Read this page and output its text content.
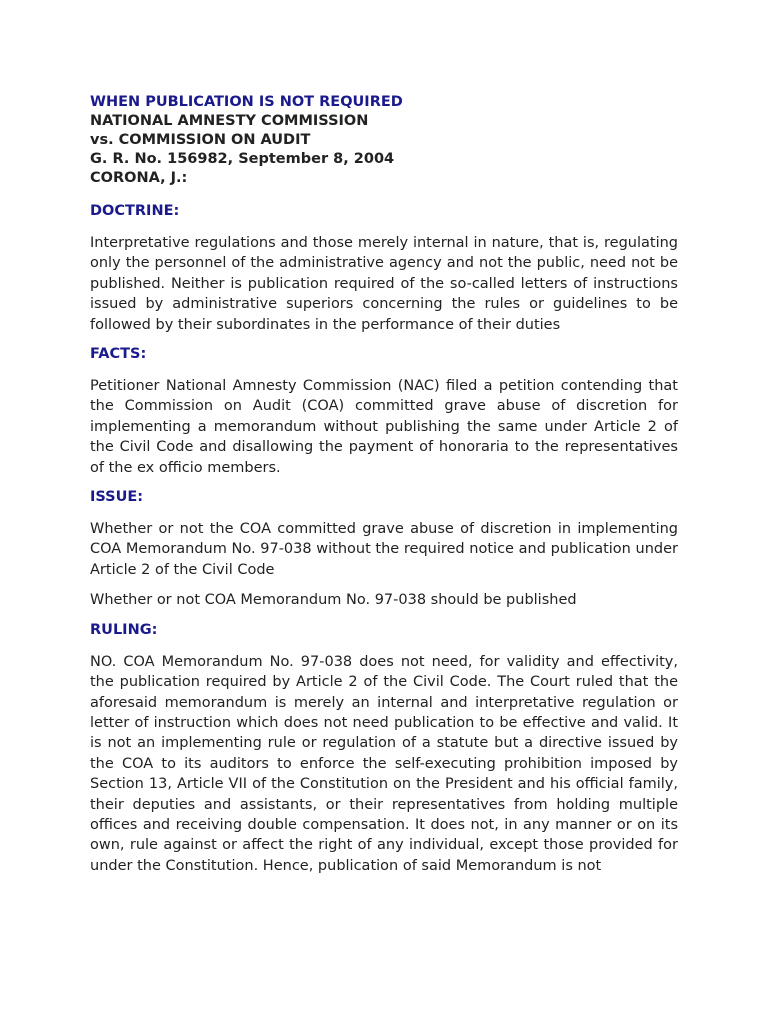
WHEN PUBLICATION IS NOT REQUIRED

NATIONAL AMNESTY COMMISSION

vs. COMMISSION ON AUDIT

G. R. No. 156982, September 8, 2004

CORONA, J.:

DOCTRINE:

Interpretative regulations and those merely internal in nature, that is, regulating only the personnel of the administrative agency and not the public, need not be published. Neither is publication required of the so-called letters of instructions issued by administrative superiors concerning the rules or guidelines to be followed by their subordinates in the performance of their duties

FACTS:

Petitioner National Amnesty Commission (NAC) filed a petition contending that the Commission on Audit (COA) committed grave abuse of discretion for implementing a memorandum without publishing the same under Article 2 of the Civil Code and disallowing the payment of honoraria to the representatives of the ex officio members.

ISSUE:

Whether or not the COA committed grave abuse of discretion in implementing COA Memorandum No. 97-038 without the required notice and publication under Article 2 of the Civil Code

Whether or not COA Memorandum No. 97-038 should be published

RULING:

NO. COA Memorandum No. 97-038 does not need, for validity and effectivity, the publication required by Article 2 of the Civil Code. The Court ruled that the aforesaid memorandum is merely an internal and interpretative regulation or letter of instruction which does not need publication to be effective and valid. It is not an implementing rule or regulation of a statute but a directive issued by the COA to its auditors to enforce the self-executing prohibition imposed by Section 13, Article VII of the Constitution on the President and his official family, their deputies and assistants, or their representatives from holding multiple offices and receiving double compensation. It does not, in any manner or on its own, rule against or affect the right of any individual, except those provided for under the Constitution. Hence, publication of said Memorandum is not
